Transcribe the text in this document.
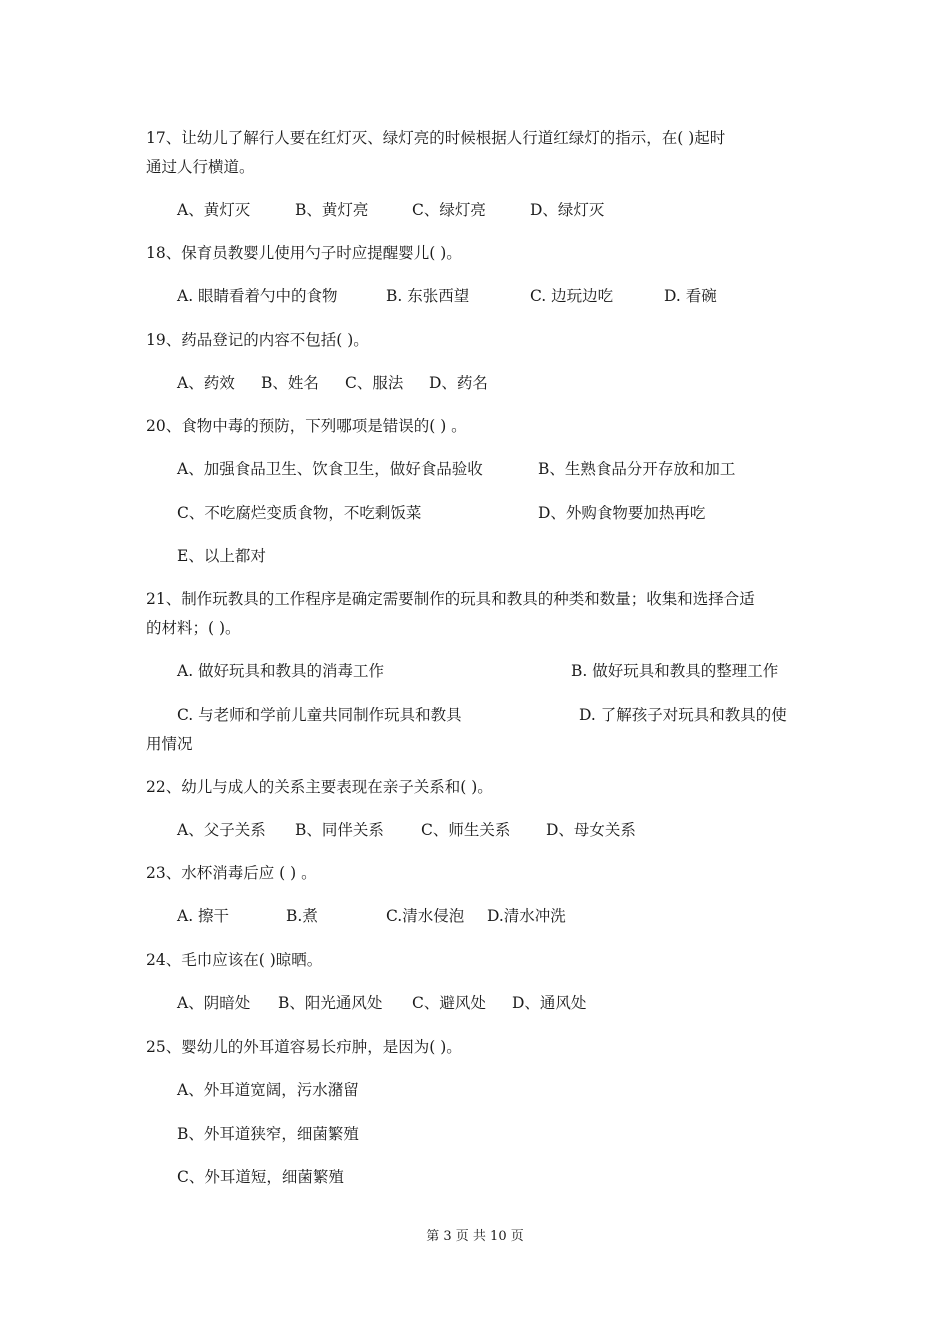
17、让幼儿了解行人要在红灯灭、绿灯亮的时候根据人行道红绿灯的指示，在( )起时
通过人行横道。
A、黄灯灭	B、黄灯亮	C、绿灯亮	D、绿灯灭
18、保育员教婴儿使用勺子时应提醒婴儿( )。
A. 眼睛看着勺中的食物	B. 东张西望	C. 边玩边吃	D. 看碗
19、药品登记的内容不包括( )。
A、药效 B、姓名 C、服法 D、药名
20、食物中毒的预防，下列哪项是错误的( ) 。
A、加强食品卫生、饮食卫生，做好食品验收	B、生熟食品分开存放和加工
C、不吃腐烂变质食物，不吃剩饭菜	D、外购食物要加热再吃
E、以上都对
21、制作玩教具的工作程序是确定需要制作的玩具和教具的种类和数量；收集和选择合适
的材料；( )。
A. 做好玩具和教具的消毒工作	B. 做好玩具和教具的整理工作
C. 与老师和学前儿童共同制作玩具和教具	D. 了解孩子对玩具和教具的使
用情况
22、幼儿与成人的关系主要表现在亲子关系和( )。
A、父子关系 B、同伴关系 C、师生关系 D、母女关系
23、水杯消毒后应 ( ) 。
A. 擦干	B.煮	C.清水侵泡 D.清水冲洗
24、毛巾应该在( )晾晒。
A、阴暗处 B、阳光通风处 C、避风处 D、通风处
25、婴幼儿的外耳道容易长疖肿，是因为( )。
A、外耳道宽阔，污水潴留
B、外耳道狭窄，细菌繁殖
C、外耳道短，细菌繁殖
第 3 页 共 10 页
